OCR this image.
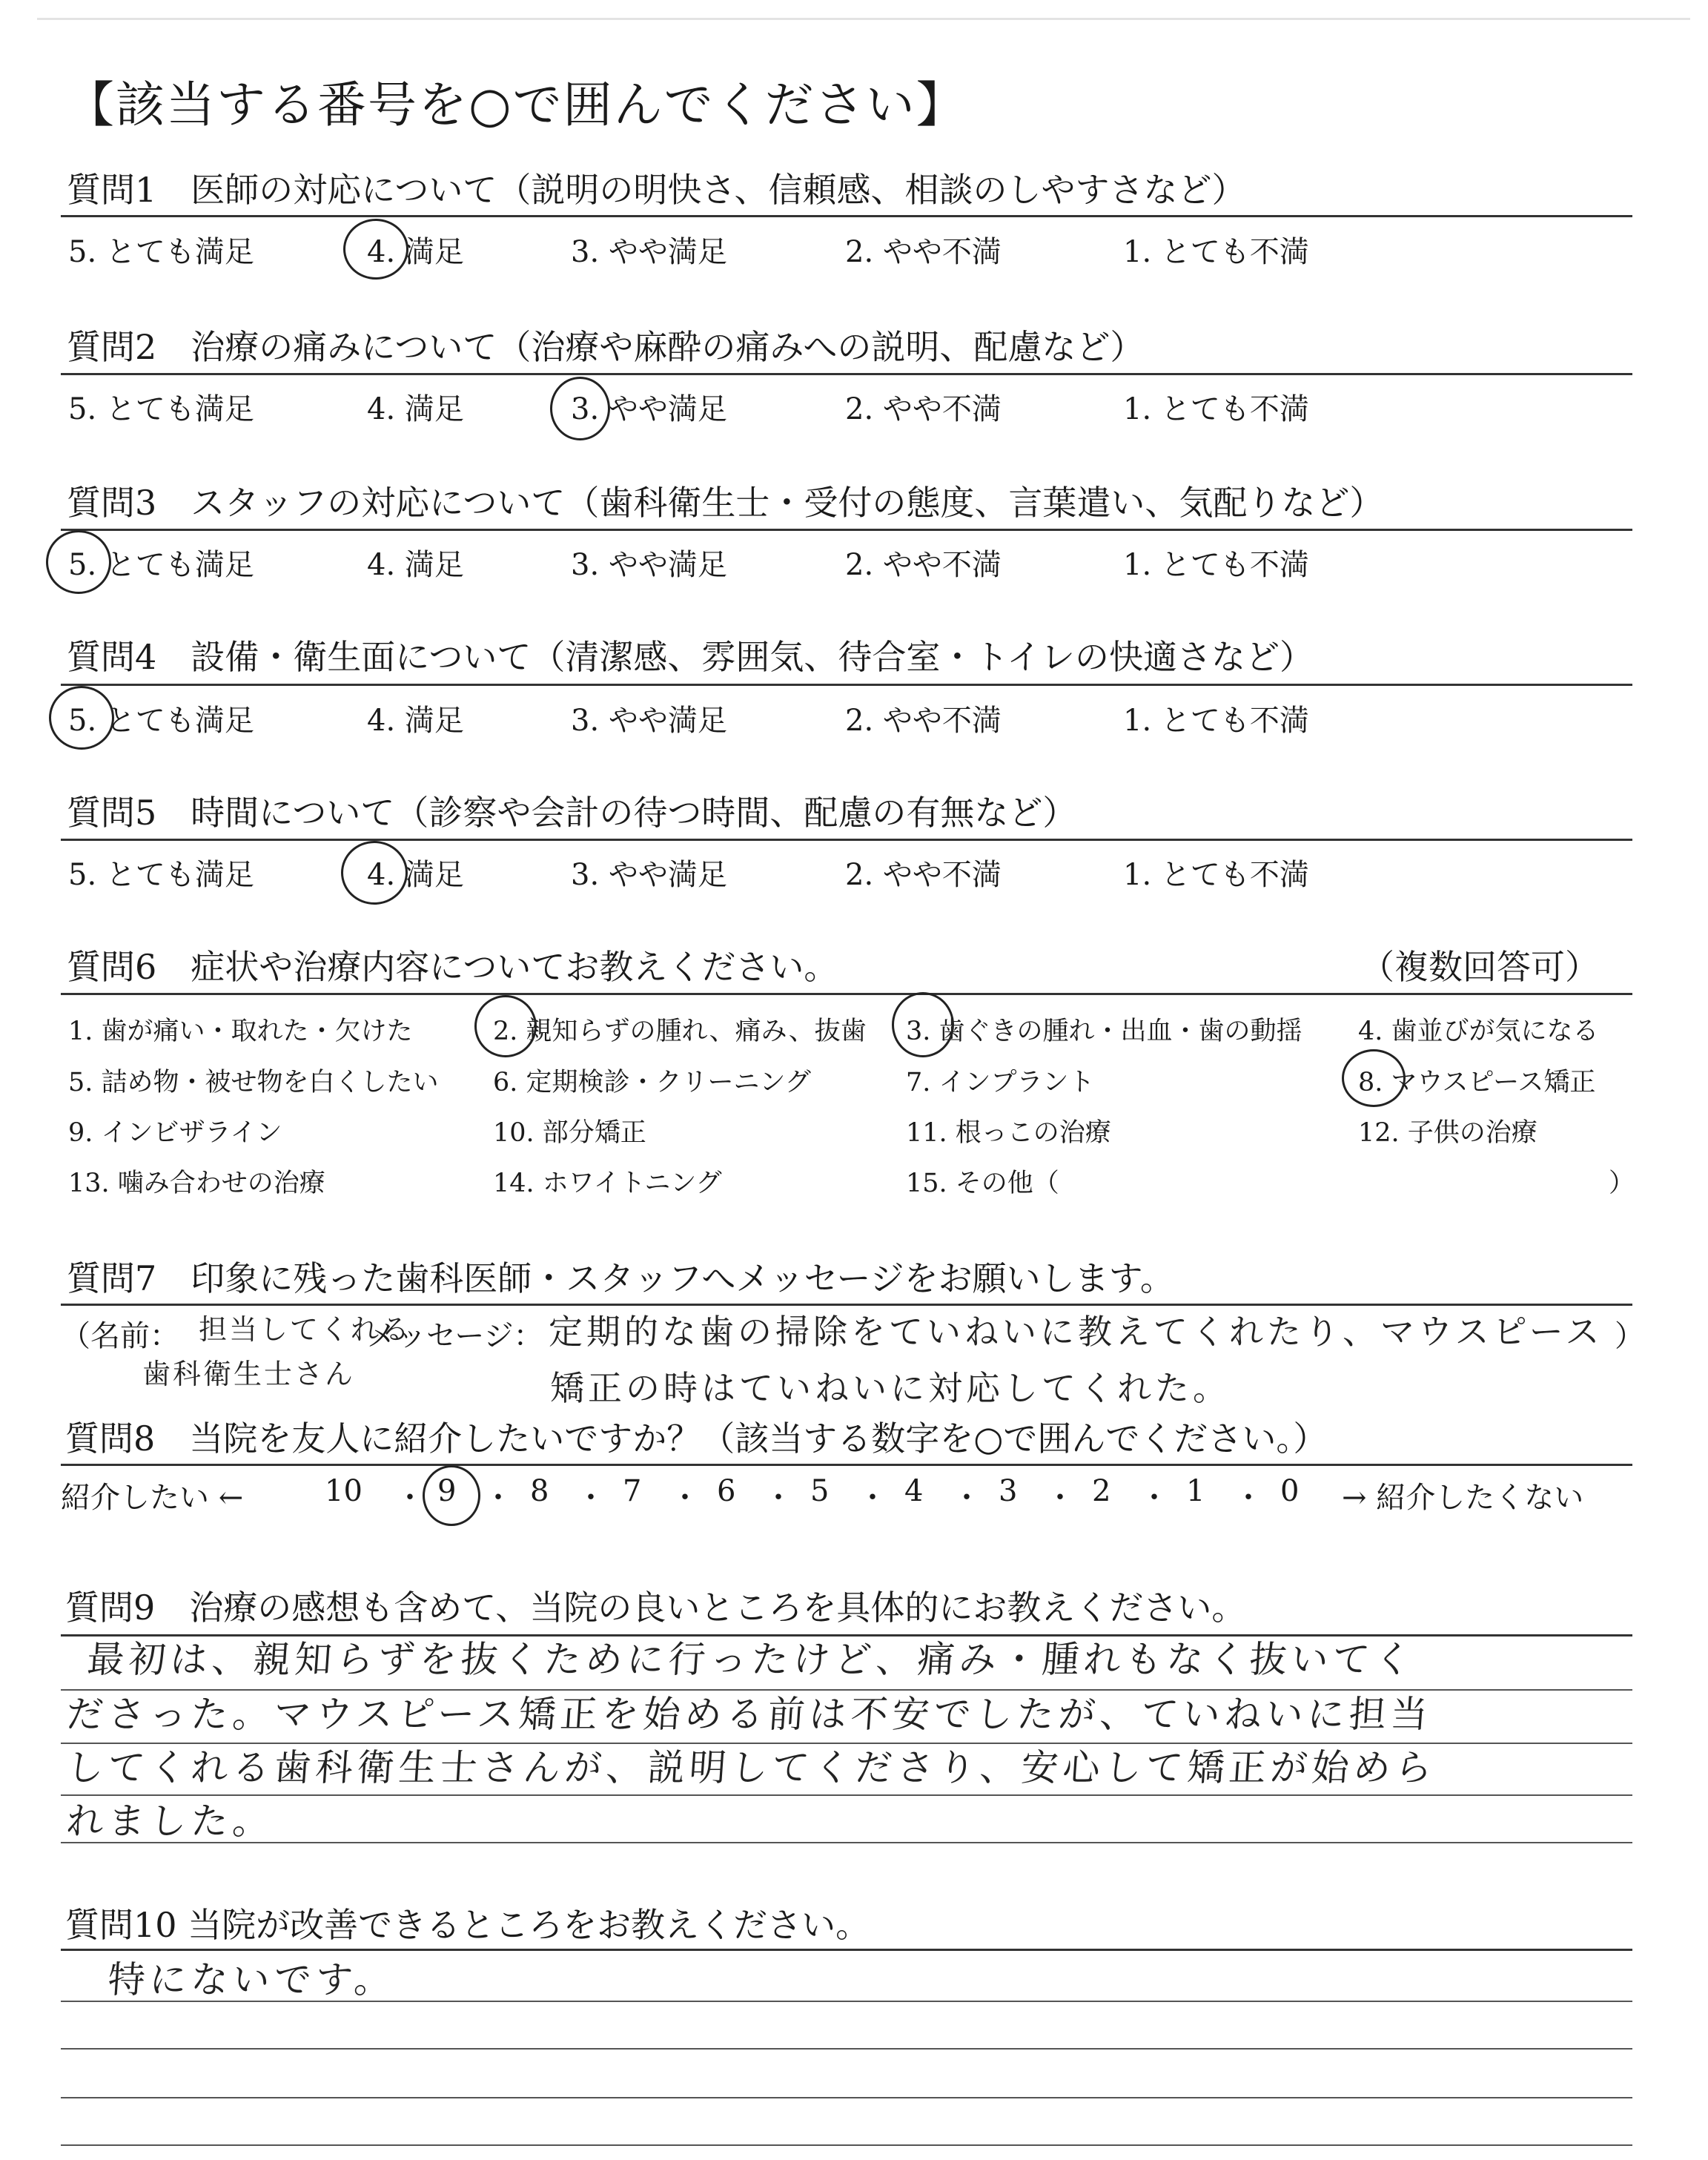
【該当する番号を○で囲んでください】
質問1　医師の対応について（説明の明快さ、信頼感、相談のしやすさなど）
5. とても満足	4. 満足	3. やや満足	2. やや不満	1. とても不満
質問2　治療の痛みについて（治療や麻酔の痛みへの説明、配慮など）
5. とても満足	4. 満足	3. やや満足	2. やや不満	1. とても不満
質問3　スタッフの対応について（歯科衛生士・受付の態度、言葉遣い、気配りなど）
5. とても満足	4. 満足	3. やや満足	2. やや不満	1. とても不満
質問4　設備・衛生面について（清潔感、雰囲気、待合室・トイレの快適さなど）
5. とても満足	4. 満足	3. やや満足	2. やや不満	1. とても不満
質問5　時間について（診察や会計の待つ時間、配慮の有無など）
5. とても満足	4. 満足	3. やや満足	2. やや不満	1. とても不満
質問6　症状や治療内容についてお教えください。	（複数回答可）
1. 歯が痛い・取れた・欠けた	2. 親知らずの腫れ、痛み、抜歯 3. 歯ぐきの腫れ・出血・歯の動揺 4. 歯並びが気になる
5. 詰め物・被せ物を白くしたい 6. 定期検診・クリーニング	7. インプラント	8. マウスピース矯正
9. インビザライン	10. 部分矯正	11. 根っこの治療	12. 子供の治療
13. 噛み合わせの治療	14. ホワイトニング	15. その他（	）
質問7　印象に残った歯科医師・スタッフへメッセージをお願いします。
（名前： 担当してくれる
歯科衛生士さん
メッセージ： 定期的な歯の掃除をていねいに教えてくれたり、マウスピース
矯正の時はていねいに対応してくれた。
）
質問8　当院を友人に紹介したいですか？（該当する数字を○で囲んでください。）
紹介したい ←	10 ・ 9 ・ 8 ・ 7 ・ 6 ・ 5 ・ 4 ・ 3 ・ 2 ・ 1 ・ 0 → 紹介したくない
質問9　治療の感想も含めて、当院の良いところを具体的にお教えください。
最初は、親知らずを抜くために行ったけど、痛み・腫れもなく抜いてく
ださった。マウスピース矯正を始める前は不安でしたが、ていねいに担当
してくれる歯科衛生士さんが、説明してくださり、安心して矯正が始めら
れました。
質問10 当院が改善できるところをお教えください。
特にないです。
